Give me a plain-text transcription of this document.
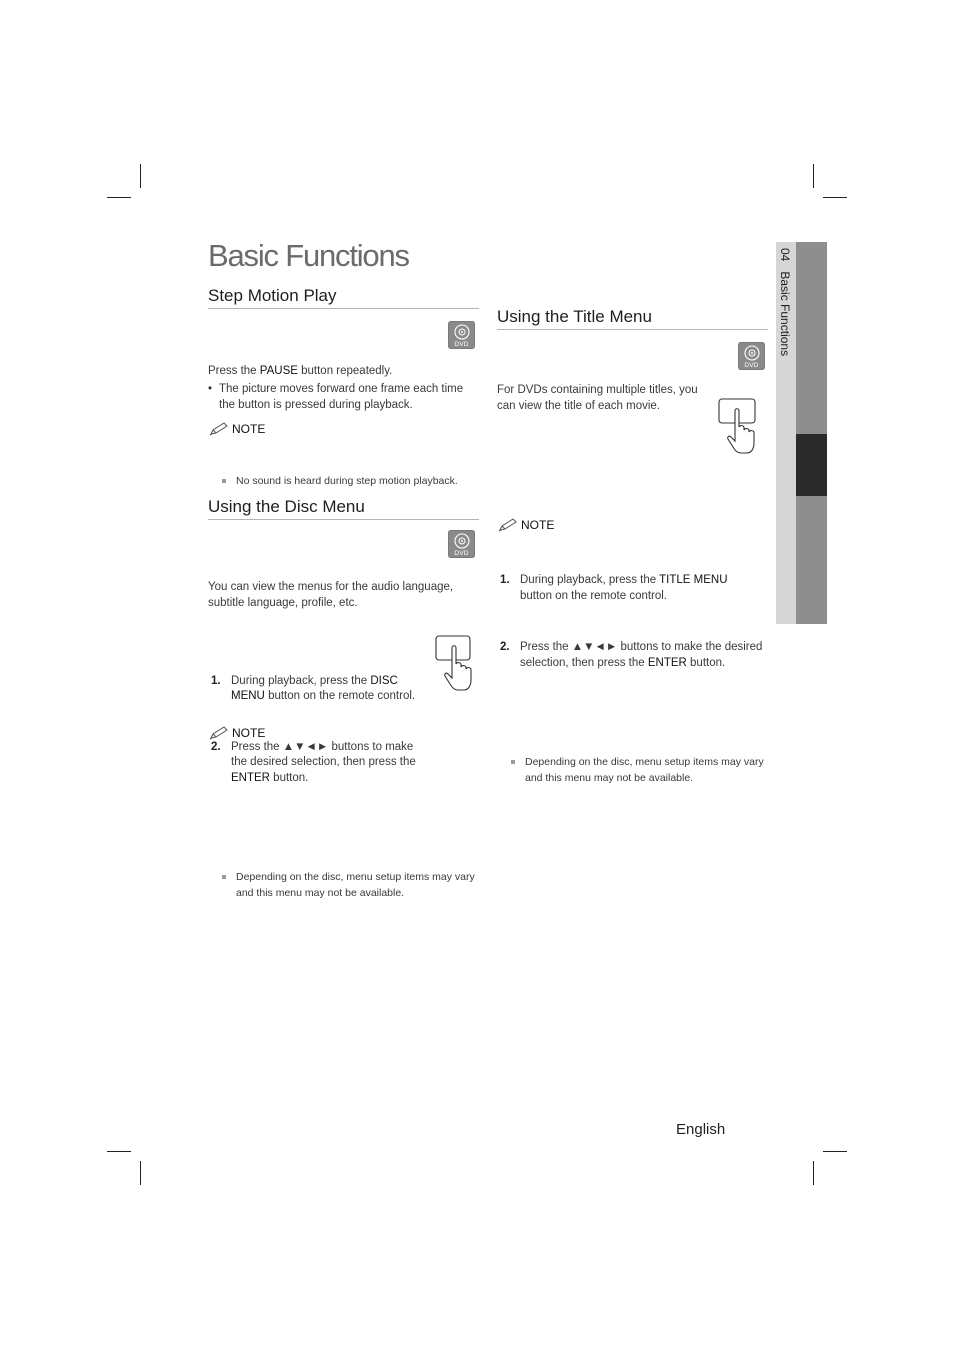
Basic Functions	04   Basic Functions
Step Motion Play
DVD
Press the PAUSE button repeatedly.
• The picture moves forward one frame each time the button is pressed during playback.
NOTE
No sound is heard during step motion playback.
Using the Disc Menu
DVD
You can view the menus for the audio language, subtitle language, profile, etc.
1. During playback, press the DISC MENU button on the remote control.
2. Press the ▲▼◄► buttons to make the desired selection, then press the ENTER button.
NOTE
Depending on the disc, menu setup items may vary and this menu may not be available.
Using the Title Menu
DVD
For DVDs containing multiple titles, you can view the title of each movie.
1. During playback, press the TITLE MENU button on the remote control.
2. Press the ▲▼◄► buttons to make the desired selection, then press the ENTER button.
NOTE
Depending on the disc, menu setup items may vary and this menu may not be available.
English
